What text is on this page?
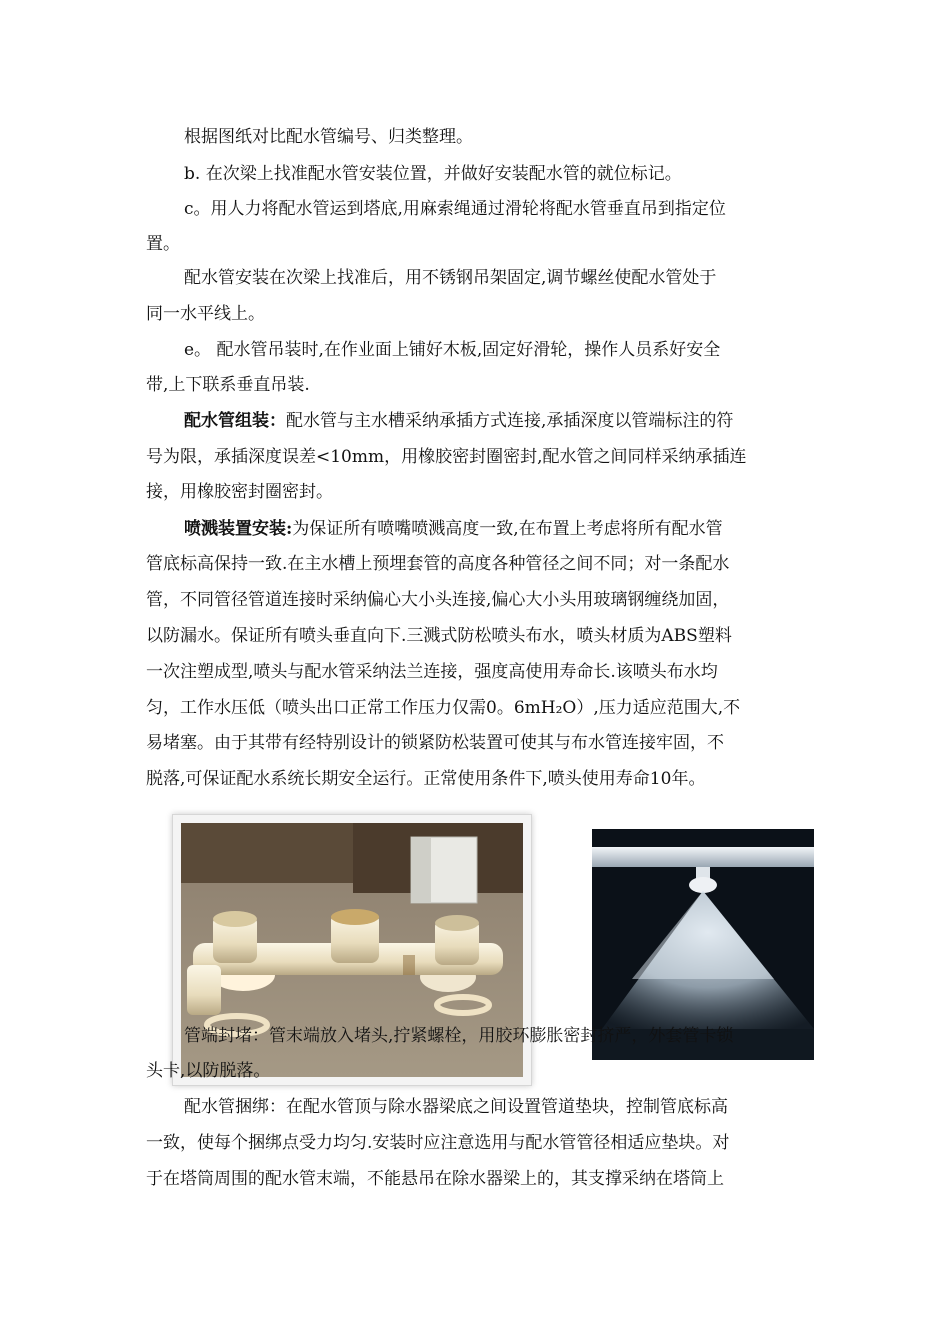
根据图纸对比配水管编号、归类整理。
b. 在次梁上找准配水管安装位置，并做好安装配水管的就位标记。
c。用人力将配水管运到塔底,用麻索绳通过滑轮将配水管垂直吊到指定位
置。
配水管安装在次梁上找准后，用不锈钢吊架固定,调节螺丝使配水管处于
同一水平线上。
e。 配水管吊装时,在作业面上铺好木板,固定好滑轮，操作人员系好安全
带,上下联系垂直吊装.
配水管组装：配水管与主水槽采纳承插方式连接,承插深度以管端标注的符
号为限，承插深度误差<10mm，用橡胶密封圈密封,配水管之间同样采纳承插连
接，用橡胶密封圈密封。
喷溅装置安装:为保证所有喷嘴喷溅高度一致,在布置上考虑将所有配水管
管底标高保持一致.在主水槽上预埋套管的高度各种管径之间不同；对一条配水
管，不同管径管道连接时采纳偏心大小头连接,偏心大小头用玻璃钢缠绕加固，
以防漏水。保证所有喷头垂直向下.三溅式防松喷头布水，喷头材质为ABS塑料
一次注塑成型,喷头与配水管采纳法兰连接，强度高使用寿命长.该喷头布水均
匀，工作水压低（喷头出口正常工作压力仅需0。6mH₂O）,压力适应范围大,不
易堵塞。由于其带有经特别设计的锁紧防松装置可使其与布水管连接牢固，不
脱落,可保证配水系统长期安全运行。正常使用条件下,喷头使用寿命10年。
管端封堵：管末端放入堵头,拧紧螺栓，用胶环膨胀密封挤严，外套管卡锁
头卡,以防脱落。
配水管捆绑：在配水管顶与除水器梁底之间设置管道垫块，控制管底标高
一致，使每个捆绑点受力均匀.安装时应注意选用与配水管管径相适应垫块。对
于在塔筒周围的配水管末端，不能悬吊在除水器梁上的，其支撑采纳在塔筒上
